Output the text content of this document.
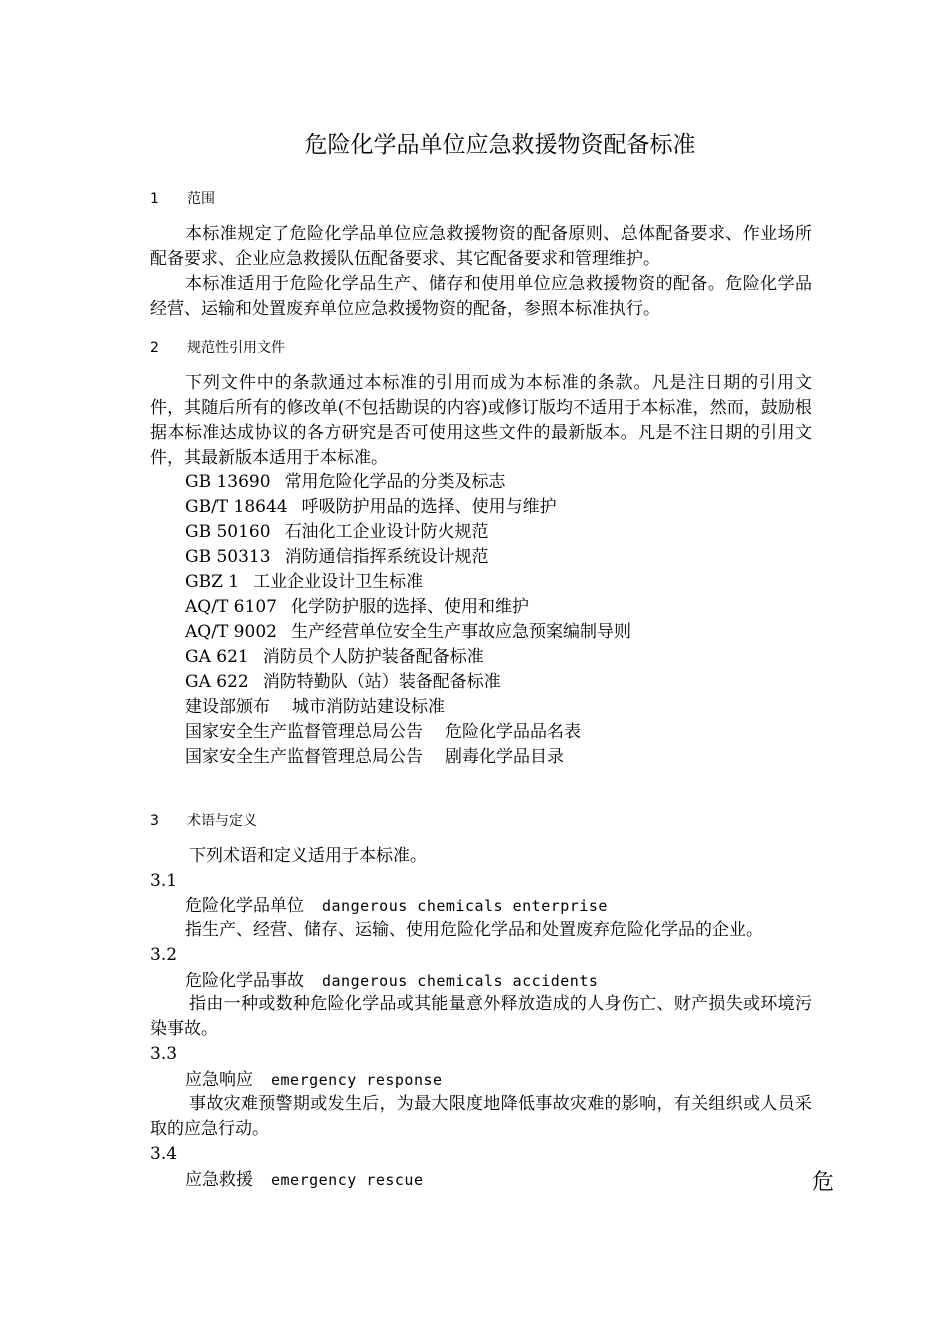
危险化学品单位应急救援物资配备标准
1 范围

本标准规定了危险化学品单位应急救援物资的配备原则、总体配备要求、作业场所配备要求、企业应急救援队伍配备要求、其它配备要求和管理维护。

本标准适用于危险化学品生产、储存和使用单位应急救援物资的配备。危险化学品经营、运输和处置废弃单位应急救援物资的配备，参照本标准执行。

2 规范性引用文件

下列文件中的条款通过本标准的引用而成为本标准的条款。凡是注日期的引用文件，其随后所有的修改单(不包括勘误的内容)或修订版均不适用于本标准，然而，鼓励根据本标准达成协议的各方研究是否可使用这些文件的最新版本。凡是不注日期的引用文件，其最新版本适用于本标准。

GB 13690 常用危险化学品的分类及标志
GB/T 18644 呼吸防护用品的选择、使用与维护
GB 50160 石油化工企业设计防火规范
GB 50313 消防通信指挥系统设计规范
GBZ 1 工业企业设计卫生标准
AQ/T 6107 化学防护服的选择、使用和维护
AQ/T 9002 生产经营单位安全生产事故应急预案编制导则
GA 621 消防员个人防护装备配备标准
GA 622 消防特勤队（站）装备配备标准
建设部颁布 城市消防站建设标准
国家安全生产监督管理总局公告 危险化学品品名表
国家安全生产监督管理总局公告 剧毒化学品目录
3 术语与定义
下列术语和定义适用于本标准。
3.1
危险化学品单位 dangerous chemicals enterprise
指生产、经营、储存、运输、使用危险化学品和处置废弃危险化学品的企业。
3.2
危险化学品事故 dangerous chemicals accidents

指由一种或数种危险化学品或其能量意外释放造成的人身伤亡、财产损失或环境污染事故。

3.3
应急响应 emergency response

事故灾难预警期或发生后，为最大限度地降低事故灾难的影响，有关组织或人员采取的应急行动。

3.4
应急救援 emergency rescue	危
